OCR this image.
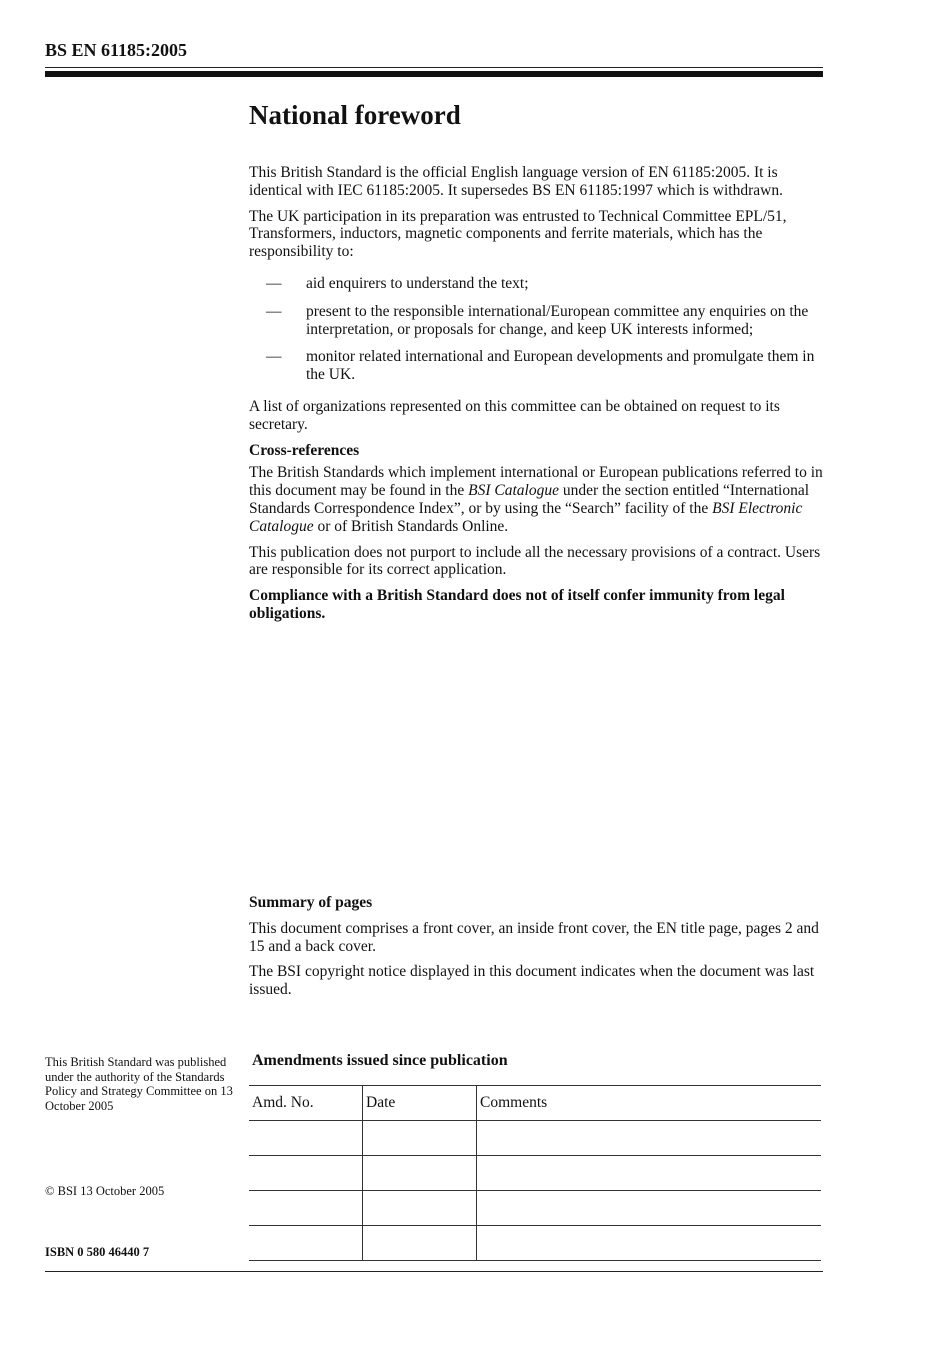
BS EN 61185:2005
National foreword

This British Standard is the official English language version of EN 61185:2005. It is identical with IEC 61185:2005. It supersedes BS EN 61185:1997 which is withdrawn.

The UK participation in its preparation was entrusted to Technical Committee EPL/51, Transformers, inductors, magnetic components and ferrite materials, which has the responsibility to:

—	aid enquirers to understand the text;
—	present to the responsible international/European committee any enquiries on the interpretation, or proposals for change, and keep UK interests informed;
—	monitor related international and European developments and promulgate them in the UK.

A list of organizations represented on this committee can be obtained on request to its secretary.

Cross-references

The British Standards which implement international or European publications referred to in this document may be found in the BSI Catalogue under the section entitled “International Standards Correspondence Index”, or by using the “Search” facility of the BSI Electronic Catalogue or of British Standards Online.

This publication does not purport to include all the necessary provisions of a contract. Users are responsible for its correct application.

Compliance with a British Standard does not of itself confer immunity from legal obligations.

Summary of pages

This document comprises a front cover, an inside front cover, the EN title page, pages 2 and 15 and a back cover.

The BSI copyright notice displayed in this document indicates when the document was last issued.

This British Standard was published under the authority of the Standards Policy and Strategy Committee on 13 October 2005
© BSI 13 October 2005
ISBN 0 580 46440 7
Amendments issued since publication
Amd. No.	Date	Comments
